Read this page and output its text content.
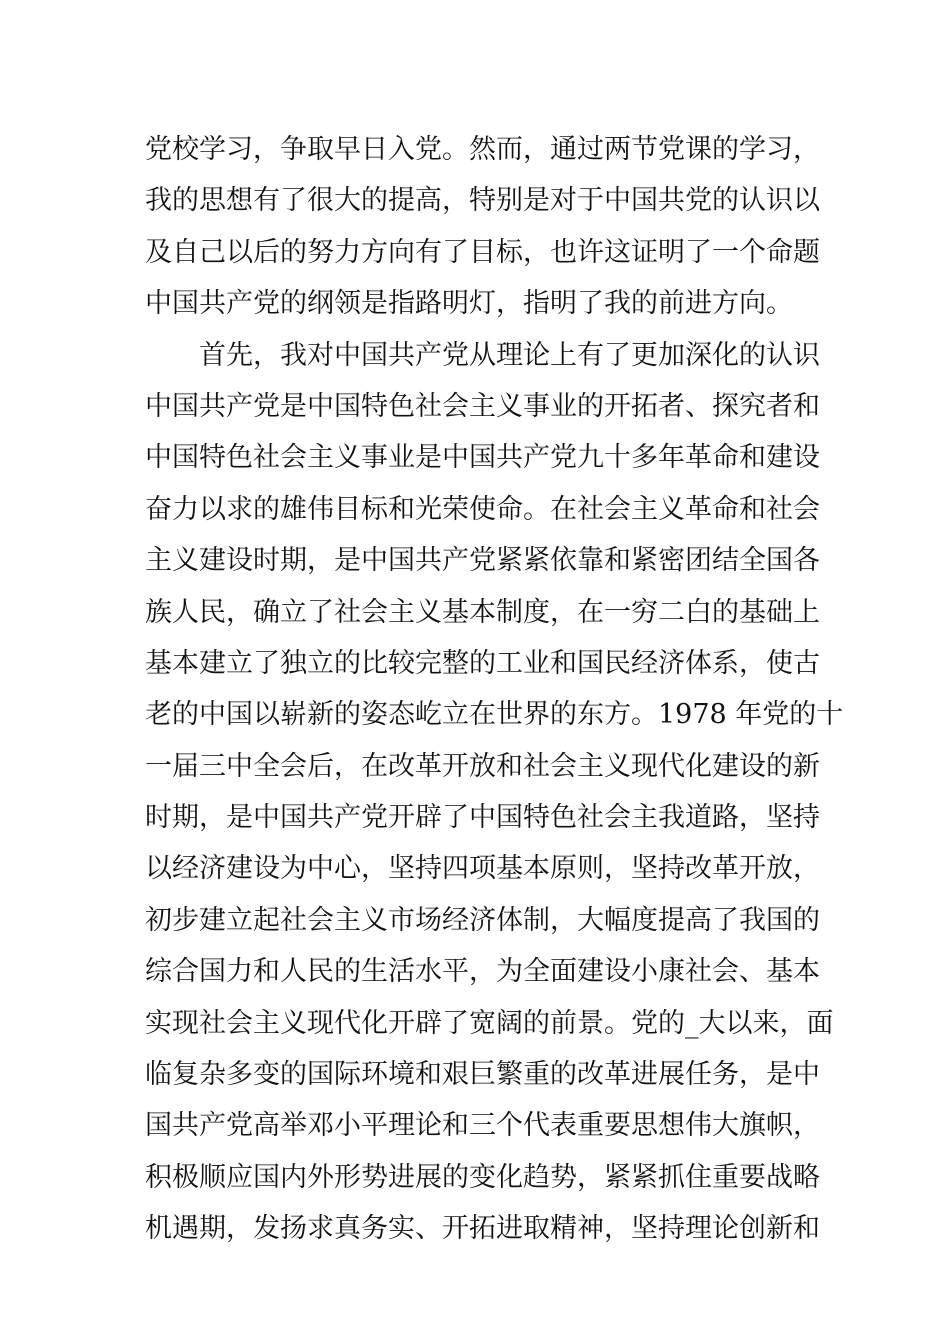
党校学习，争取早日入党。然而，通过两节党课的学习，
我的思想有了很大的提高，特别是对于中国共党的认识以
及自己以后的努力方向有了目标，也许这证明了一个命题
中国共产党的纲领是指路明灯，指明了我的前进方向。
　　首先，我对中国共产党从理论上有了更加深化的认识
中国共产党是中国特色社会主义事业的开拓者、探究者和
中国特色社会主义事业是中国共产党九十多年革命和建设
奋力以求的雄伟目标和光荣使命。在社会主义革命和社会
主义建设时期，是中国共产党紧紧依靠和紧密团结全国各
族人民，确立了社会主义基本制度，在一穷二白的基础上
基本建立了独立的比较完整的工业和国民经济体系，使古
老的中国以崭新的姿态屹立在世界的东方。1978 年党的十
一届三中全会后，在改革开放和社会主义现代化建设的新
时期，是中国共产党开辟了中国特色社会主我道路，坚持
以经济建设为中心，坚持四项基本原则，坚持改革开放，
初步建立起社会主义市场经济体制，大幅度提高了我国的
综合国力和人民的生活水平，为全面建设小康社会、基本
实现社会主义现代化开辟了宽阔的前景。党的_大以来，面
临复杂多变的国际环境和艰巨繁重的改革进展任务，是中
国共产党高举邓小平理论和三个代表重要思想伟大旗帜，
积极顺应国内外形势进展的变化趋势，紧紧抓住重要战略
机遇期，发扬求真务实、开拓进取精神，坚持理论创新和
